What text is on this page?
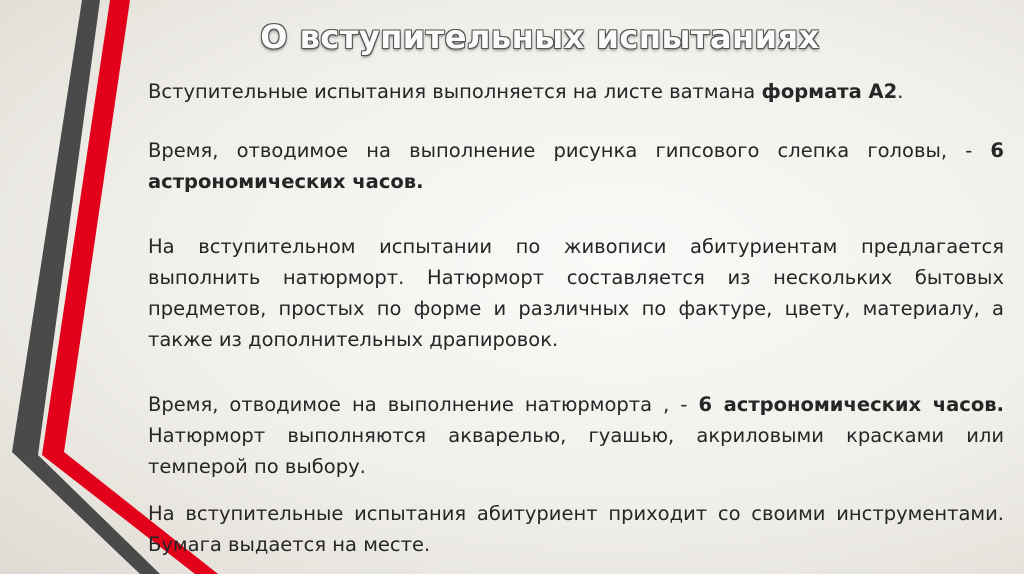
О вступительных испытаниях

Вступительные испытания выполняется на листе ватмана формата А2.

Время, отводимое на выполнение рисунка гипсового слепка головы, - 6 астрономических часов.

На вступительном испытании по живописи абитуриентам предлагается выполнить натюрморт. Натюрморт составляется из нескольких бытовых предметов, простых по форме и различных по фактуре, цвету, материалу, а также из дополнительных драпировок.

Время, отводимое на выполнение натюрморта , - 6 астрономических часов. Натюрморт выполняются акварелью, гуашью, акриловыми красками или темперой по выбору.

На вступительные испытания абитуриент приходит со своими инструментами. Бумага выдается на месте.
